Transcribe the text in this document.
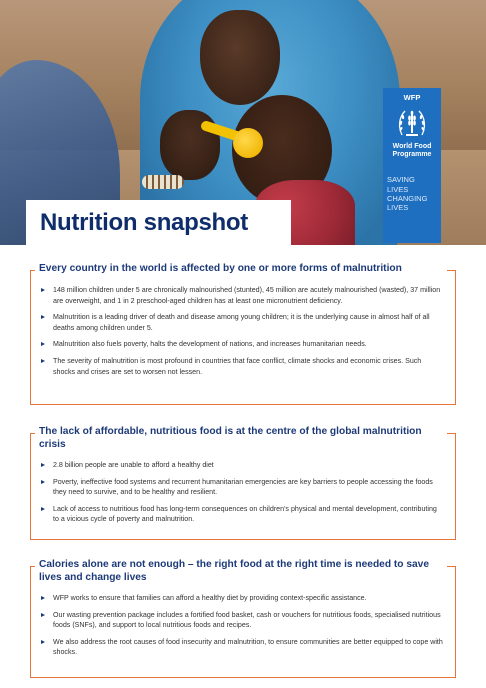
WFP
World Food
Programme
SAVING
LIVES
CHANGING
LIVES
Nutrition snapshot
Every country in the world is affected by one or more forms of malnutrition
148 million children under 5 are chronically malnourished (stunted), 45 million are acutely malnourished (wasted), 37 million are overweight, and 1 in 2 preschool-aged children has at least one micronutrient deficiency.
Malnutrition is a leading driver of death and disease among young children; it is the underlying cause in almost half of all deaths among children under 5.
Malnutrition also fuels poverty, halts the development of nations, and increases humanitarian needs.
The severity of malnutrition is most profound in countries that face conflict, climate shocks and economic crises. Such shocks and crises are set to worsen not lessen.
The lack of affordable, nutritious food is at the centre of the global malnutrition crisis
2.8 billion people are unable to afford a healthy diet
Poverty, ineffective food systems and recurrent humanitarian emergencies are key barriers to people accessing the foods they need to survive, and to be healthy and resilient.
Lack of access to nutritious food has long-term consequences on children's physical and mental development, contributing to a vicious cycle of poverty and malnutrition.
Calories alone are not enough – the right food at the right time is needed to save lives and change lives
WFP works to ensure that families can afford a healthy diet by providing context-specific assistance.
Our wasting prevention package includes a fortified food basket, cash or vouchers for nutritious foods, specialised nutritious foods (SNFs), and support to local nutritious foods and recipes.
We also address the root causes of food insecurity and malnutrition, to ensure communities are better equipped to cope with shocks.
